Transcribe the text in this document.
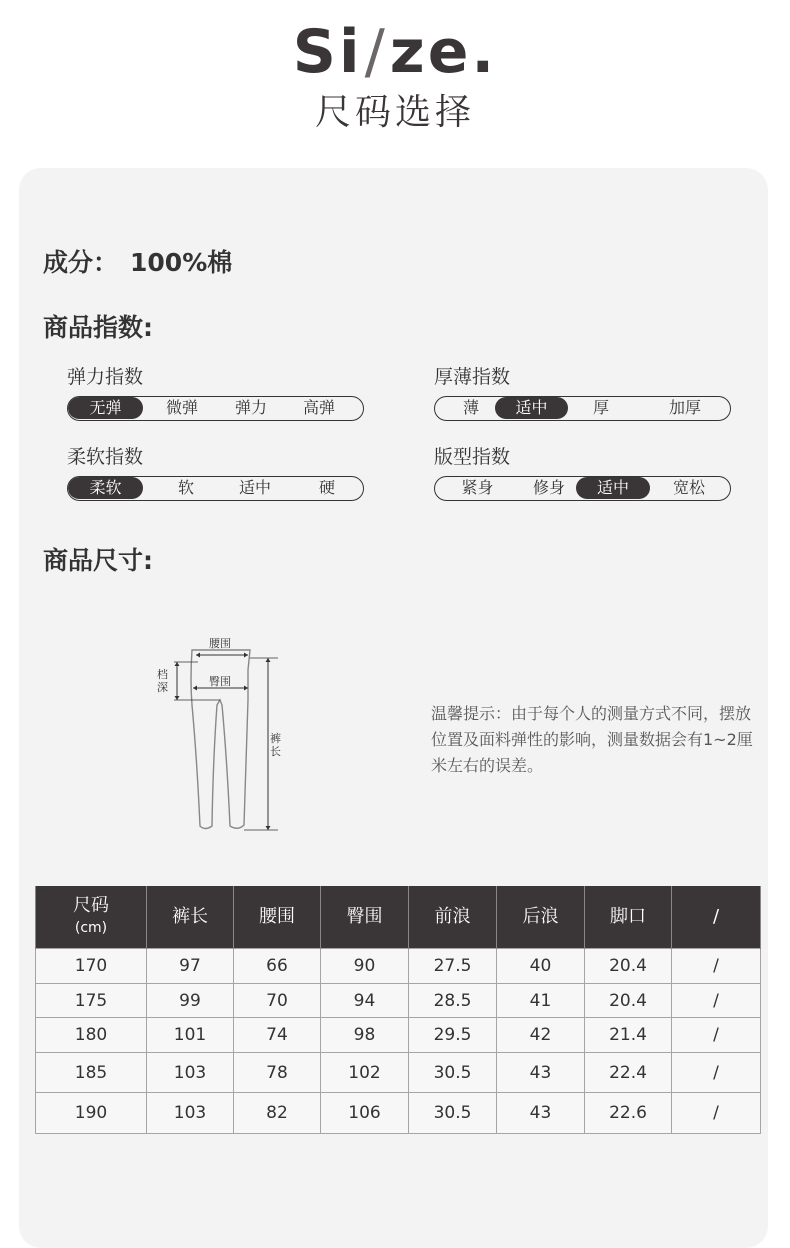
Si/ze.
尺码选择
成分： 100%棉
商品指数:
弹力指数
无弹	微弹	弹力	高弹
厚薄指数
薄	适中	厚	加厚
柔软指数
柔软	软	适中	硬
版型指数
紧身	修身	适中	宽松
商品尺寸:
腰围
臀围
档深
裤长
温馨提示：由于每个人的测量方式不同，摆放位置及面料弹性的影响，测量数据会有1~2厘米左右的误差。
尺码
(cm)	裤长	腰围	臀围	前浪	后浪	脚口	/
170	97	66	90	27.5	40	20.4	/
175	99	70	94	28.5	41	20.4	/
180	101	74	98	29.5	42	21.4	/
185	103	78	102	30.5	43	22.4	/
190	103	82	106	30.5	43	22.6	/
